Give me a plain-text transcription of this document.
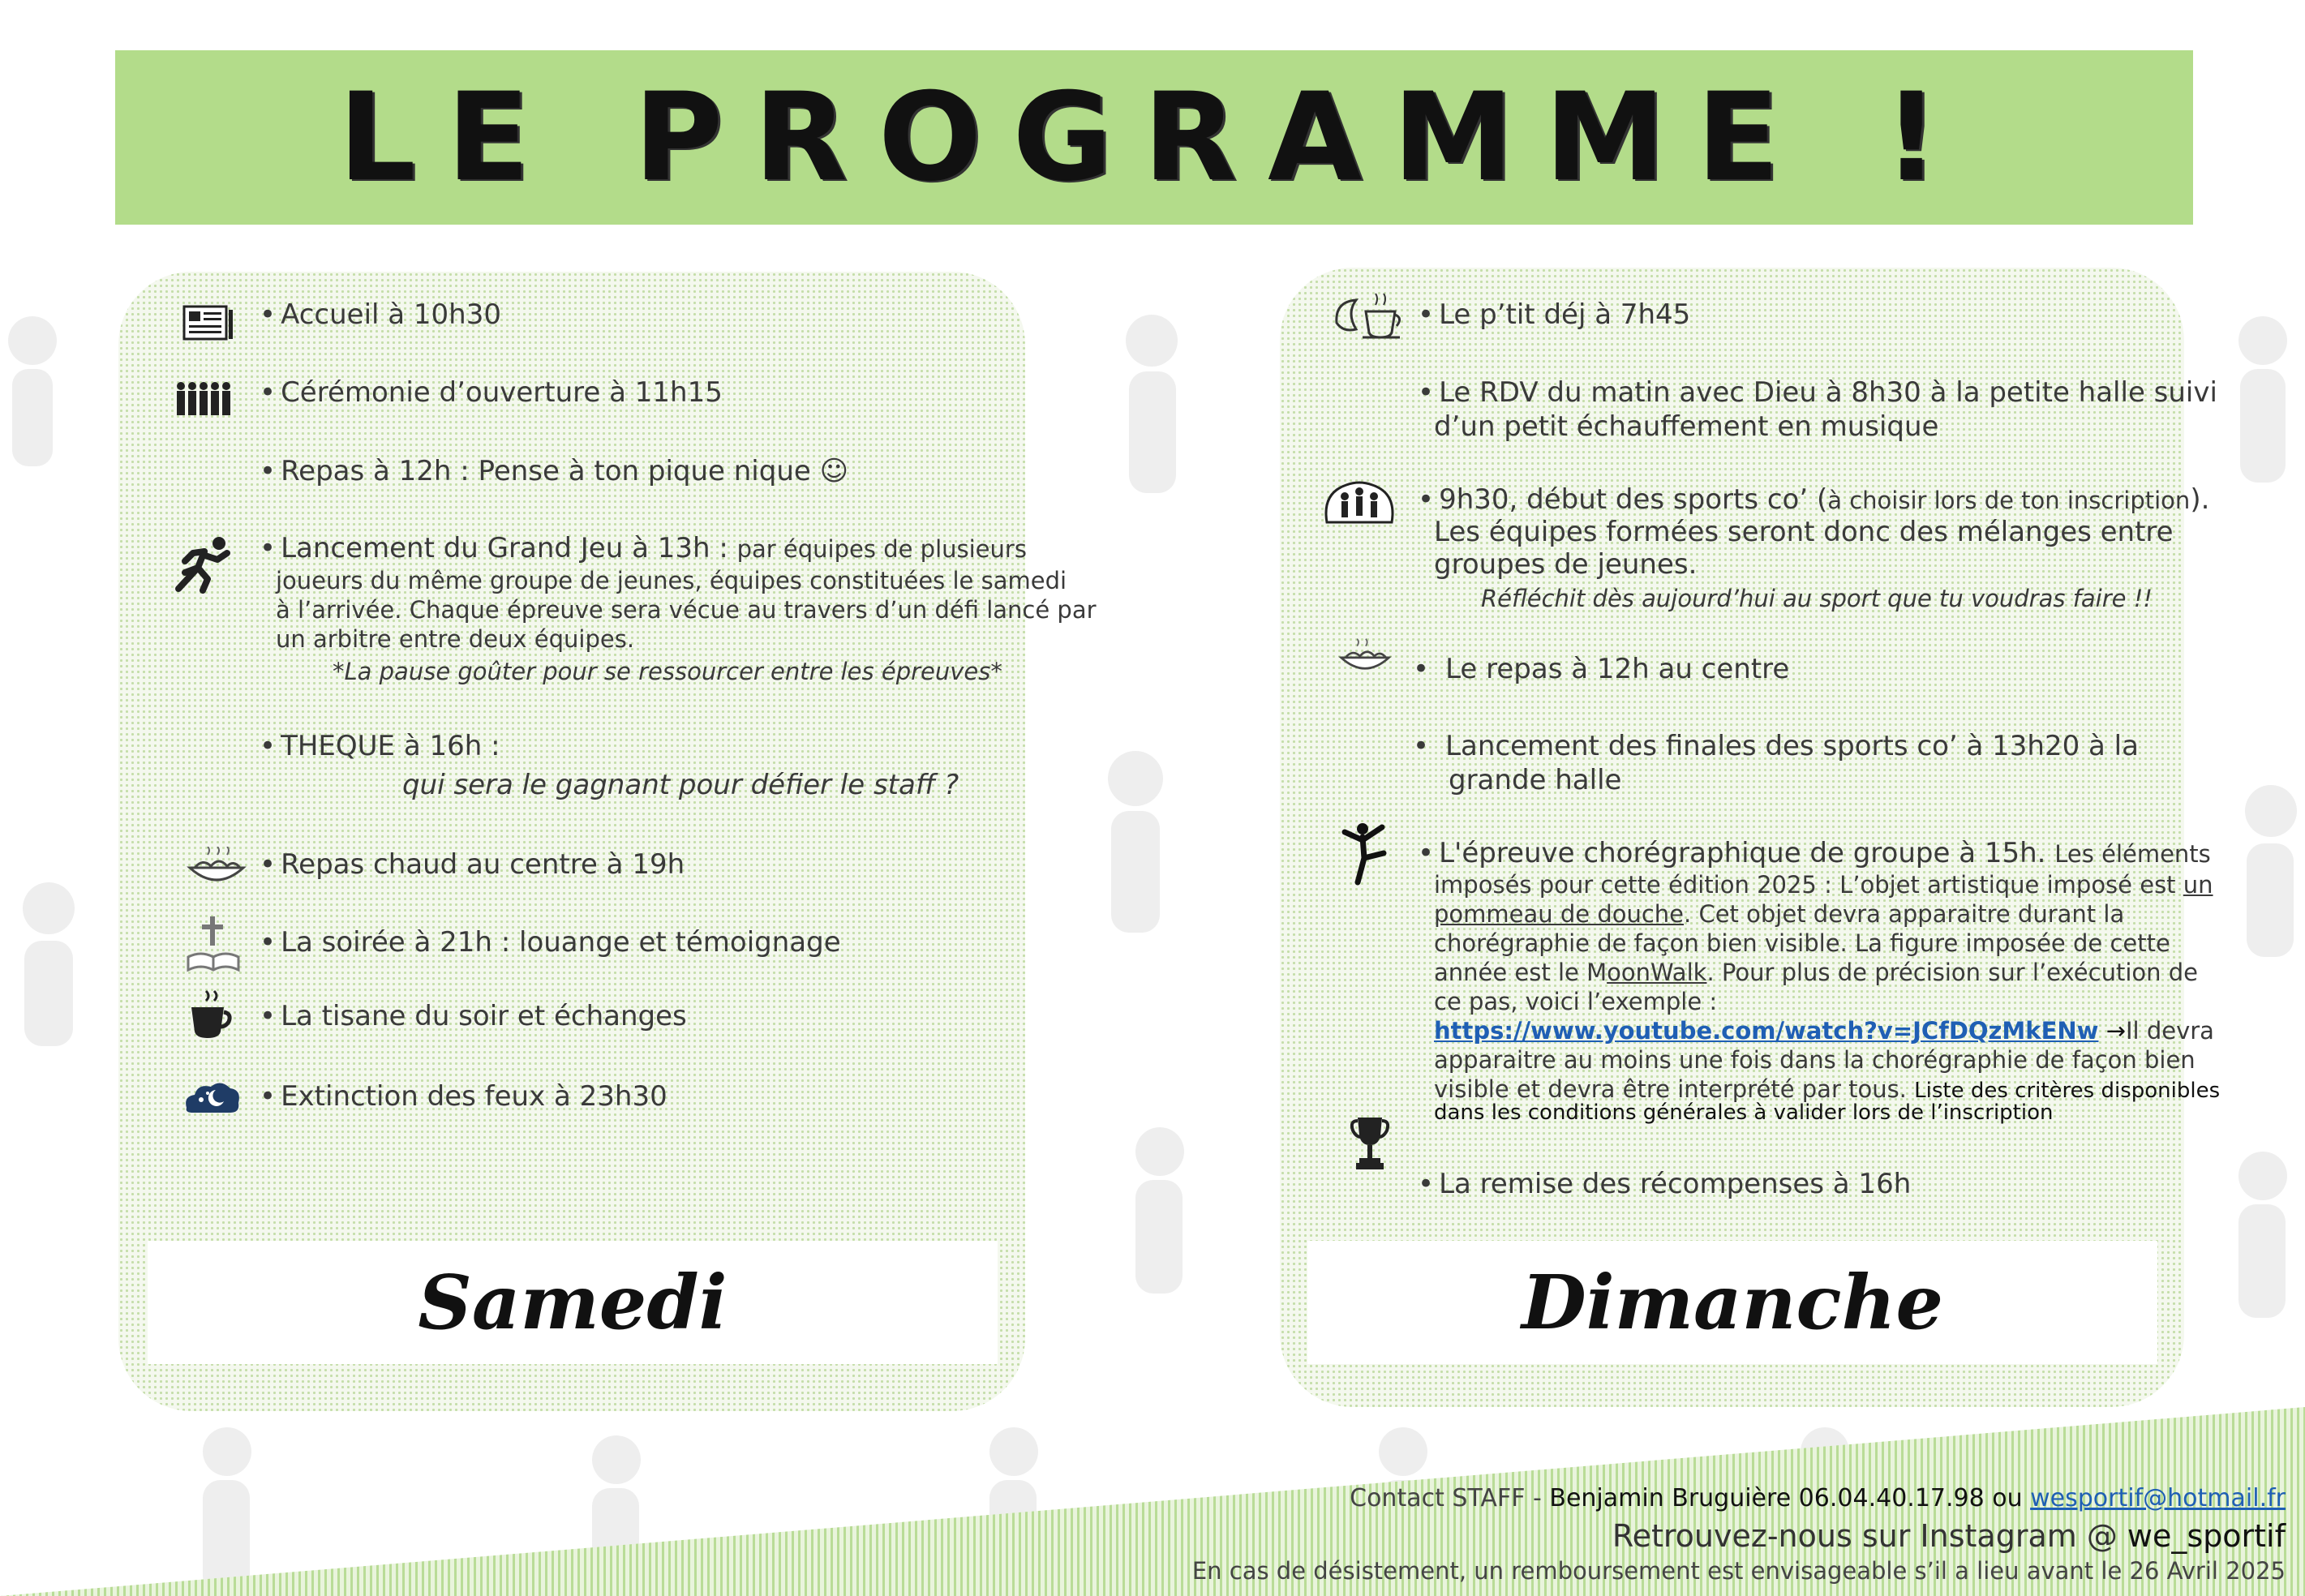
LE PROGRAMME !
Samedi	Dimanche
• Accueil à 10h30
• Cérémonie d’ouverture à 11h15
• Repas à 12h : Pense à ton pique nique ☺
• Lancement du Grand Jeu à 13h : par équipes de plusieurs
joueurs du même groupe de jeunes, équipes constituées le samedi
à l’arrivée. Chaque épreuve sera vécue au travers d’un défi lancé par
un arbitre entre deux équipes.
*La pause goûter pour se ressourcer entre les épreuves*
• THEQUE à 16h :
qui sera le gagnant pour défier le staff ?
• Repas chaud au centre à 19h
• La soirée à 21h : louange et témoignage
• La tisane du soir et échanges
• Extinction des feux à 23h30
• Le p’tit déj à 7h45
• Le RDV du matin avec Dieu à 8h30 à la petite halle suivi
d’un petit échauffement en musique
• 9h30, début des sports co’ (à choisir lors de ton inscription).
Les équipes formées seront donc des mélanges entre
groupes de jeunes.
Réfléchit dès aujourd’hui au sport que tu voudras faire !!
• Le repas à 12h au centre
• Lancement des finales des sports co’ à 13h20 à la
grande halle
• L'épreuve chorégraphique de groupe à 15h. Les éléments
imposés pour cette édition 2025 : L’objet artistique imposé est un
pommeau de douche. Cet objet devra apparaitre durant la
chorégraphie de façon bien visible. La figure imposée de cette
année est le MoonWalk. Pour plus de précision sur l’exécution de
ce pas, voici l’exemple :
https://www.youtube.com/watch?v=JCfDQzMkENw →Il devra
apparaitre au moins une fois dans la chorégraphie de façon bien
visible et devra être interprété par tous. Liste des critères disponibles
dans les conditions générales à valider lors de l’inscription
• La remise des récompenses à 16h
Contact STAFF - Benjamin Bruguière 06.04.40.17.98 ou wesportif@hotmail.fr
Retrouvez-nous sur Instagram @ we_sportif
En cas de désistement, un remboursement est envisageable s’il a lieu avant le 26 Avril 2025
